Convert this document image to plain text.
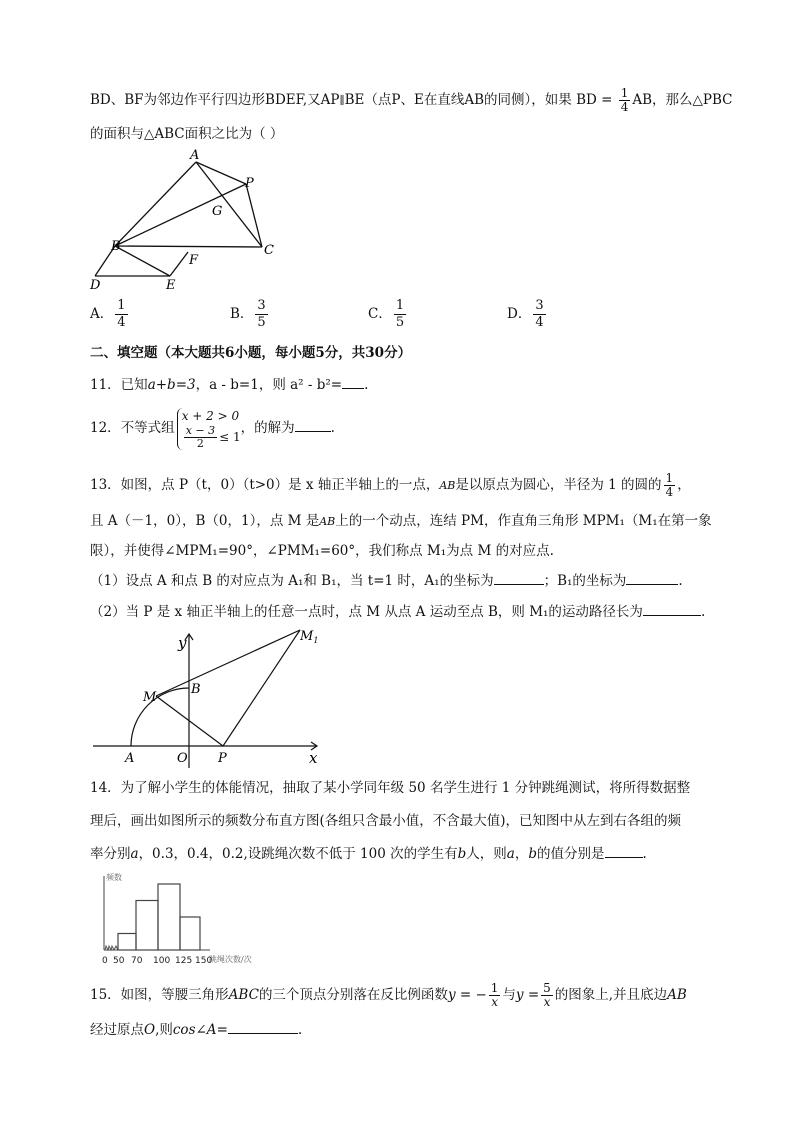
BD、BF为邻边作平行四边形BDEF,又AP∥BE（点P、E在直线AB的同侧），如果 BD = $\frac{1}{4}$ AB，那么△PBC
的面积与△ABC面积之比为（ ）
A
P
G
B	C
D	E
F
A． $\frac{1}{4}$	B． $\frac{3}{5}$	C． $\frac{1}{5}$	D． $\frac{3}{4}$
二、填空题（本大题共6小题，每小题5分，共30分）
11．已知a+b=3，a - b=1，则 a² - b²= .
12．不等式组x + 2 > 0

$\frac{x - 3}{2} \le 1$，的解为	.
13．如图，点 P（t，0）（t>0）是 x 轴正半轴上的一点，AB是以原点为圆心，半径为 1 的圆的 $\frac{1}{4}$ ，
且 A（－1，0），B（0，1），点 M 是AB上的一个动点，连结 PM，作直角三角形 MPM₁（M₁在第一象
限），并使得∠MPM₁=90°，∠PMM₁=60°，我们称点 M₁为点 M 的对应点.
（1）设点 A 和点 B 的对应点为 A₁和 B₁，当 t=1 时，A₁的坐标为	；B₁的坐标为	.
（2）当 P 是 x 轴正半轴上的任意一点时，点 M 从点 A 运动至点 B，则 M₁的运动路径长为	.
y
x
$M_1$
M
B
A	O P
14．为了解小学生的体能情况，抽取了某小学同年级 50 名学生进行 1 分钟跳绳测试，将所得数据整
理后，画出如图所示的频数分布直方图(各组只含最小值，不含最大值)，已知图中从左到右各组的频
率分别a，0.3，0.4，0.2,设跳绳次数不低于 100 次的学生有b人，则a，b的值分别是	.
频数
跳绳次数/次
0 50 70 100 125 150
15．如图，等腰三角形ABC的三个顶点分别落在反比例函数y = − $\frac{1}{x}$ 与$y = \frac{5}{x}$ 的图象上,并且底边AB
经过原点O,则cos∠A=	.
